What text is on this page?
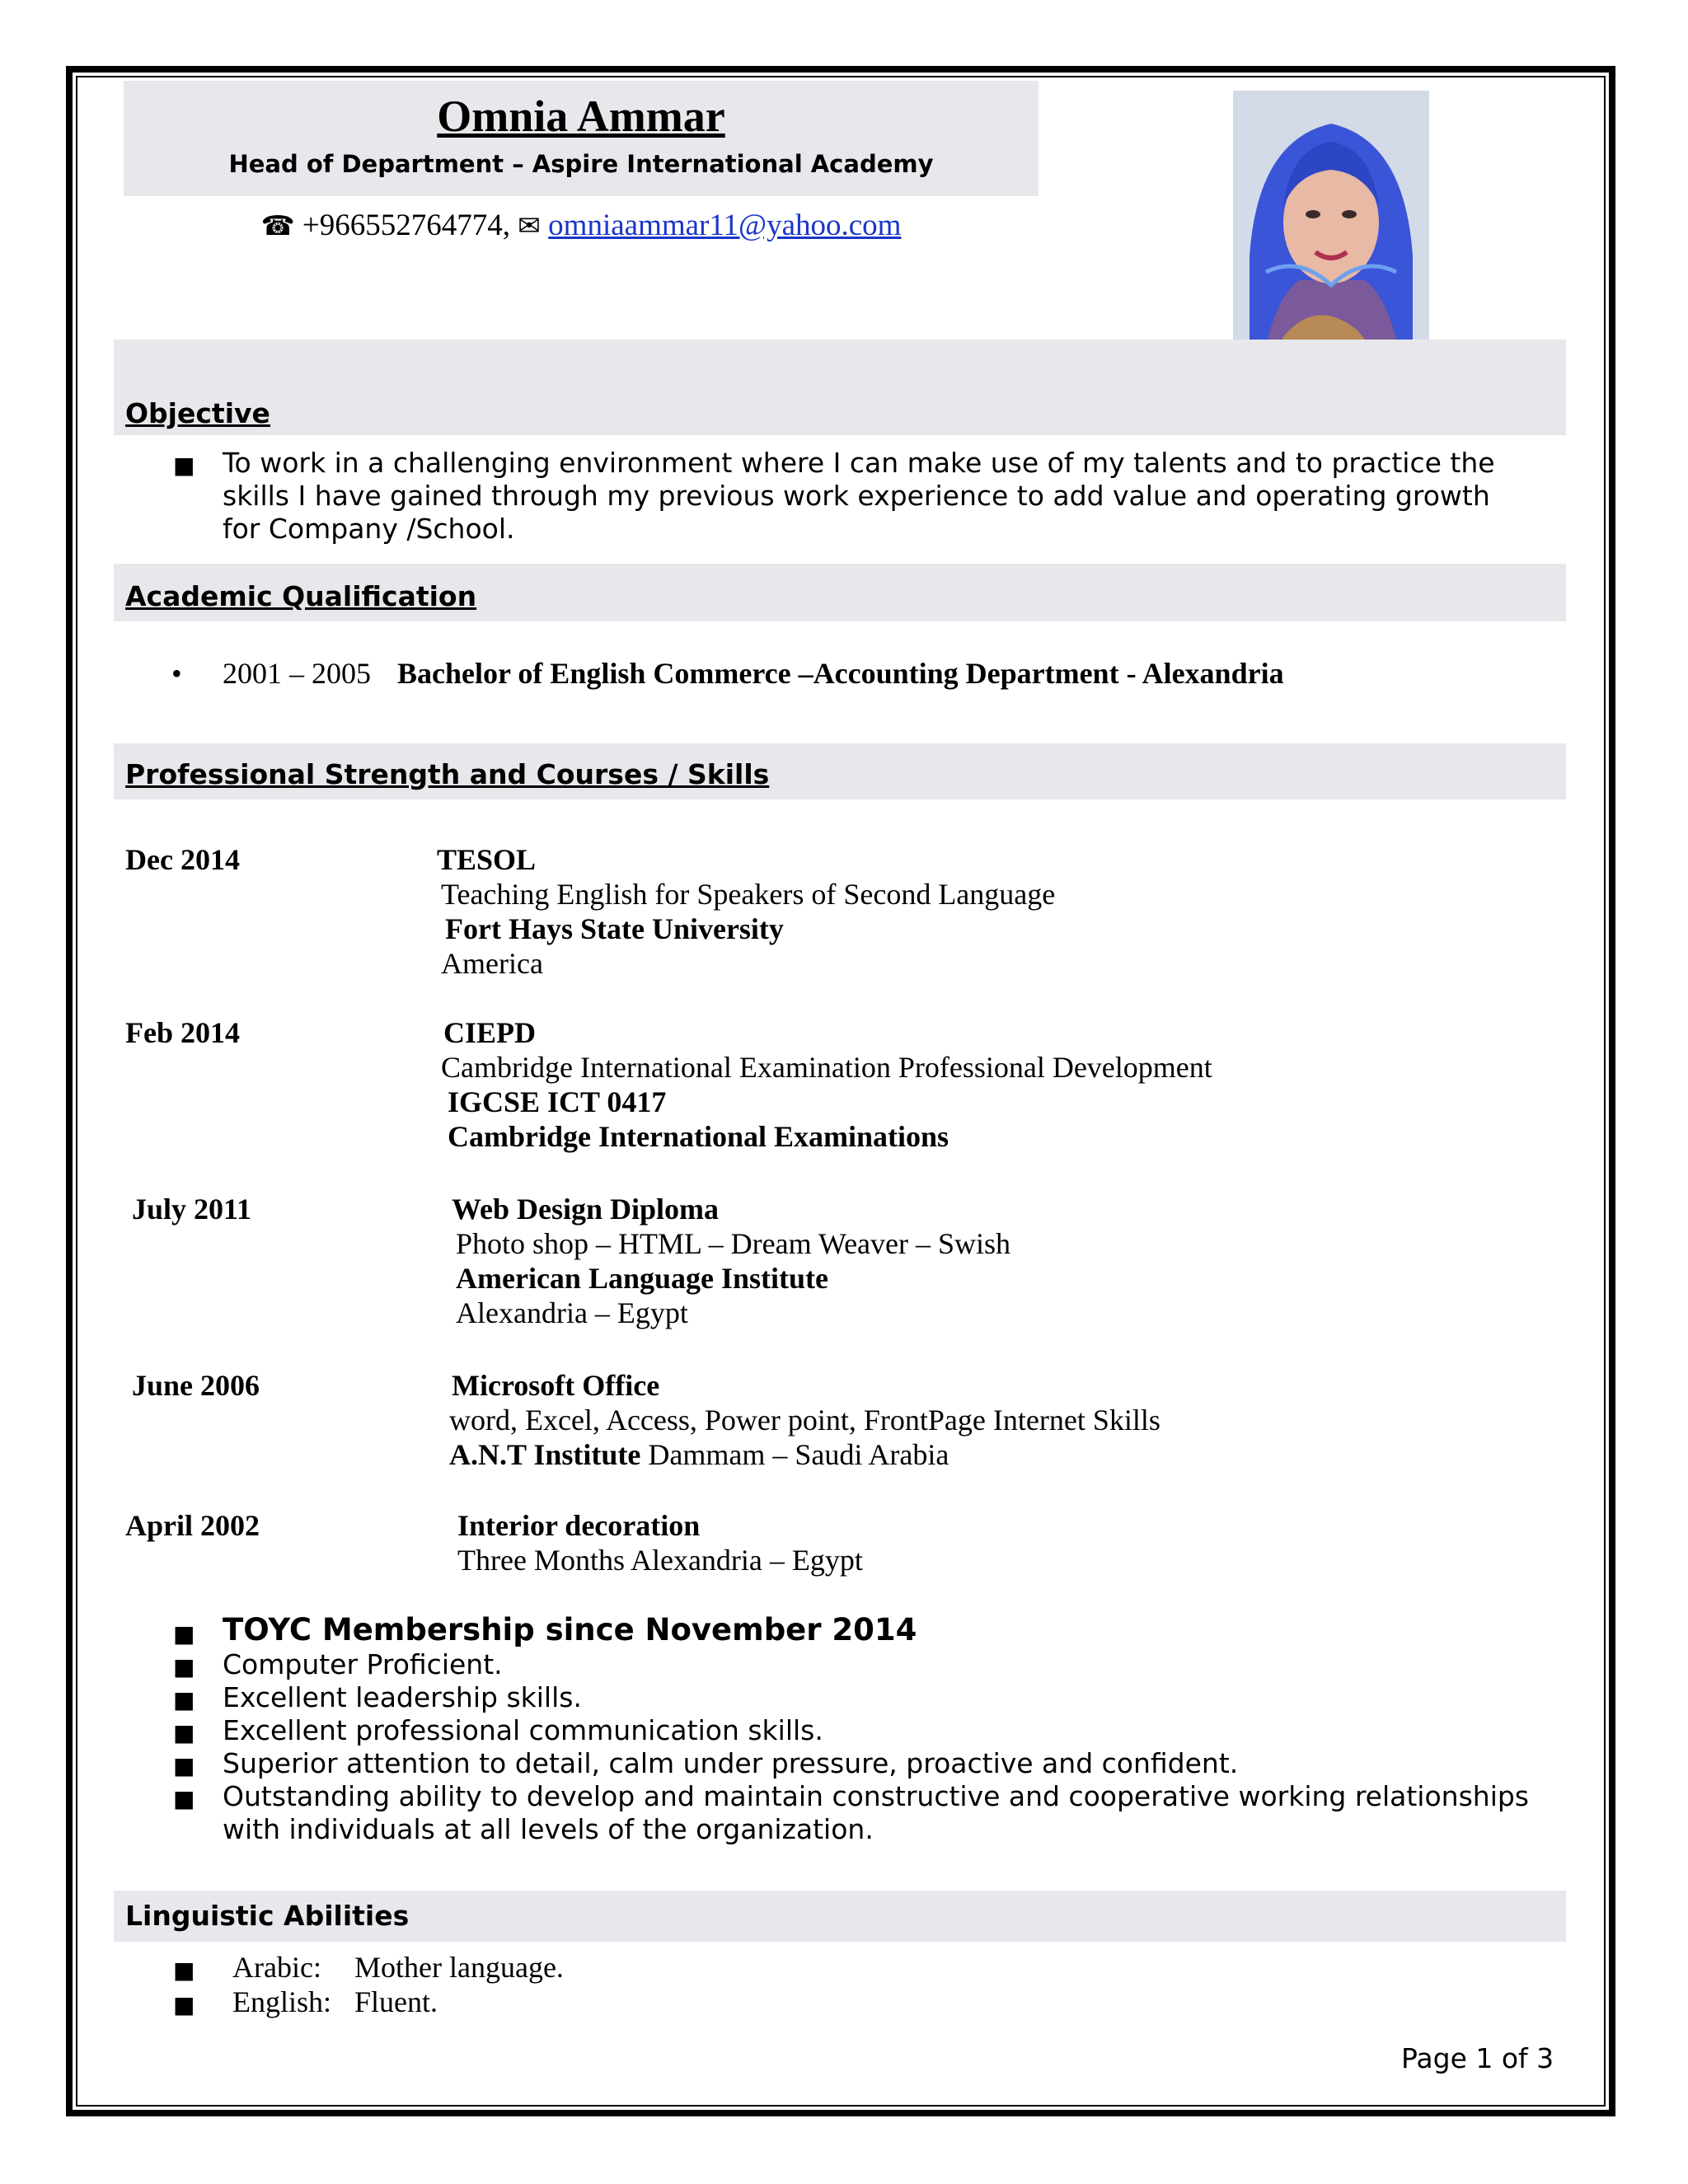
Omnia Ammar
Head of Department – Aspire International Academy
☎ +966552764774, ✉ omniaammar11@yahoo.com
Objective
■ To work in a challenging environment where I can make use of my talents and to practice the
skills I have gained through my previous work experience to add value and operating growth
for Company /School.
Academic Qualification
• 2001 – 2005 Bachelor of English Commerce –Accounting Department - Alexandria
Professional Strength and Courses / Skills
Dec 2014	TESOL
Teaching English for Speakers of Second Language
Fort Hays State University
America
Feb 2014	CIEPD
Cambridge International Examination Professional Development
IGCSE ICT 0417
Cambridge International Examinations
July 2011	Web Design Diploma
Photo shop – HTML – Dream Weaver – Swish
American Language Institute
Alexandria – Egypt
June 2006	Microsoft Office
word, Excel, Access, Power point, FrontPage Internet Skills
A.N.T Institute Dammam – Saudi Arabia
April 2002	Interior decoration
Three Months Alexandria – Egypt
■ TOYC Membership since November 2014
■ Computer Proficient.
■ Excellent leadership skills.
■ Excellent professional communication skills.
■ Superior attention to detail, calm under pressure, proactive and confident.
■ Outstanding ability to develop and maintain constructive and cooperative working relationships
with individuals at all levels of the organization.
Linguistic Abilities
■ Arabic: Mother language.
■ English: Fluent.
Page 1 of 3
